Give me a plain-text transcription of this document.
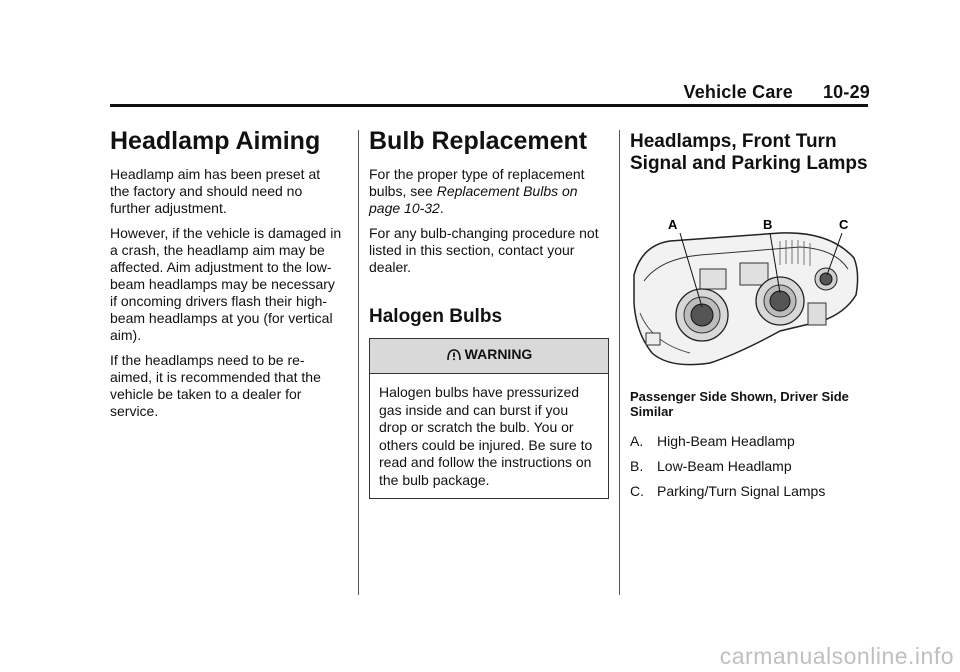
Vehicle Care 10-29
Headlamp Aiming

Headlamp aim has been preset at the factory and should need no further adjustment.

However, if the vehicle is damaged in a crash, the headlamp aim may be affected. Aim adjustment to the low-beam headlamps may be necessary if oncoming drivers flash their high-beam headlamps at you (for vertical aim).

If the headlamps need to be re-aimed, it is recommended that the vehicle be taken to a dealer for service.

Bulb Replacement

For the proper type of replacement bulbs, see Replacement Bulbs on page 10-32.

For any bulb-changing procedure not listed in this section, contact your dealer.

Halogen Bulbs
WARNING
Halogen bulbs have pressurized gas inside and can burst if you drop or scratch the bulb. You or others could be injured. Be sure to read and follow the instructions on the bulb package.
Headlamps, Front Turn Signal and Parking Lamps
A	B	C
Passenger Side Shown, Driver Side Similar
A. High-Beam Headlamp
B. Low-Beam Headlamp
C. Parking/Turn Signal Lamps
carmanualsonline.info
